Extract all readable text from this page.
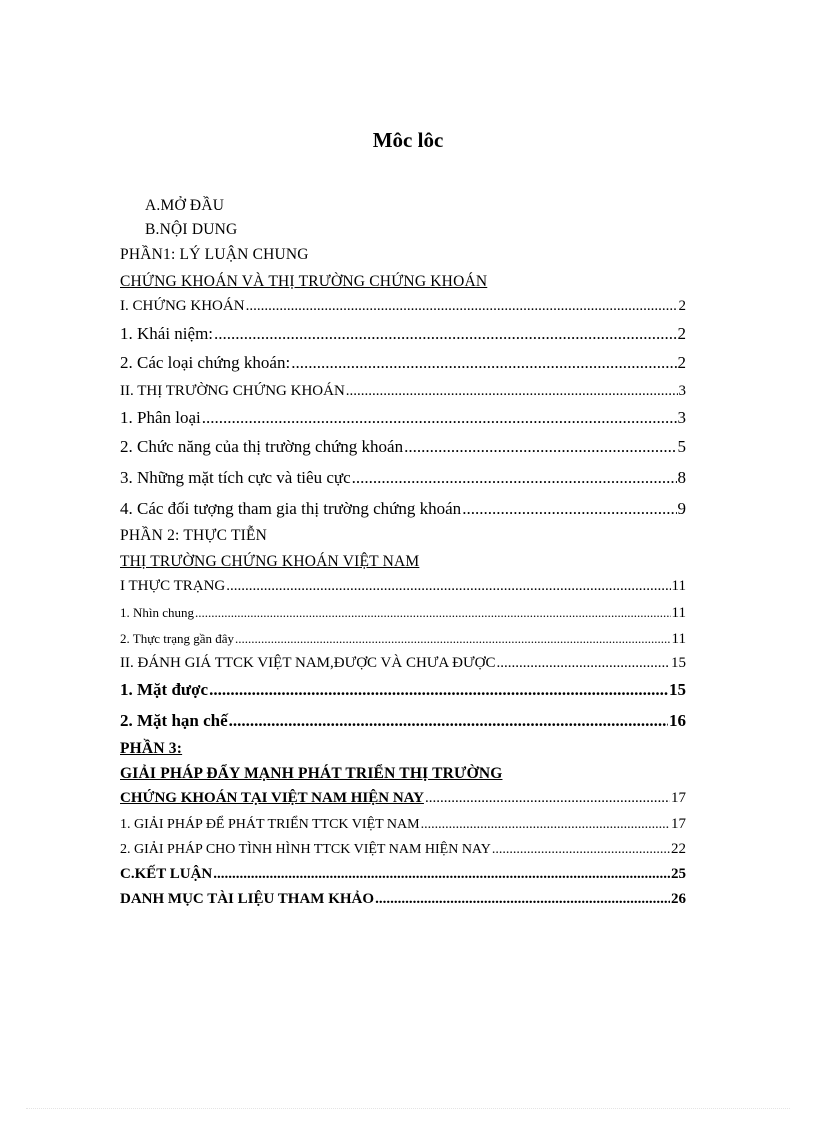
Môc lôc
A.MỞ ĐẦU
B.NỘI DUNG
PHẦN1: LÝ LUẬN CHUNG
CHỨNG KHOÁN VÀ THỊ TRƯỜNG CHỨNG KHOÁN
I. CHỨNG KHOÁN .....	2
1. Khái niệm: .....	2
2. Các loại chứng khoán: .....	2
II. THỊ TRƯỜNG CHỨNG KHOÁN .....	3
1. Phân loại .....	3
2. Chức năng của thị trường chứng khoán .....	5
3. Những mặt tích cực và tiêu cực .....	8
4. Các đối tượng tham gia thị trường chứng khoán .....	9
PHẦN 2: THỰC TIỄN
THỊ TRƯỜNG CHỨNG KHOÁN VIỆT NAM
I THỰC TRẠNG .....	11
1. Nhìn chung .....	11
2. Thực trạng gần đây .....	11
II. ĐÁNH GIÁ TTCK VIỆT NAM,ĐƯỢC VÀ CHƯA ĐƯỢC .....	15
1. Mặt được .....	15
2. Mặt hạn chế .....	16
PHẦN 3:
GIẢI PHÁP ĐẨY MẠNH PHÁT TRIỂN THỊ TRƯỜNG
CHỨNG KHOÁN TẠI VIỆT NAM HIỆN NAY .....	17
1. GIẢI PHÁP ĐỂ PHÁT TRIỂN TTCK VIỆT NAM .....	17
2. GIẢI PHÁP CHO TÌNH HÌNH TTCK VIỆT NAM HIỆN NAY .....	22
C.KẾT LUẬN .....	25
DANH MỤC TÀI LIỆU THAM KHẢO .....	26
